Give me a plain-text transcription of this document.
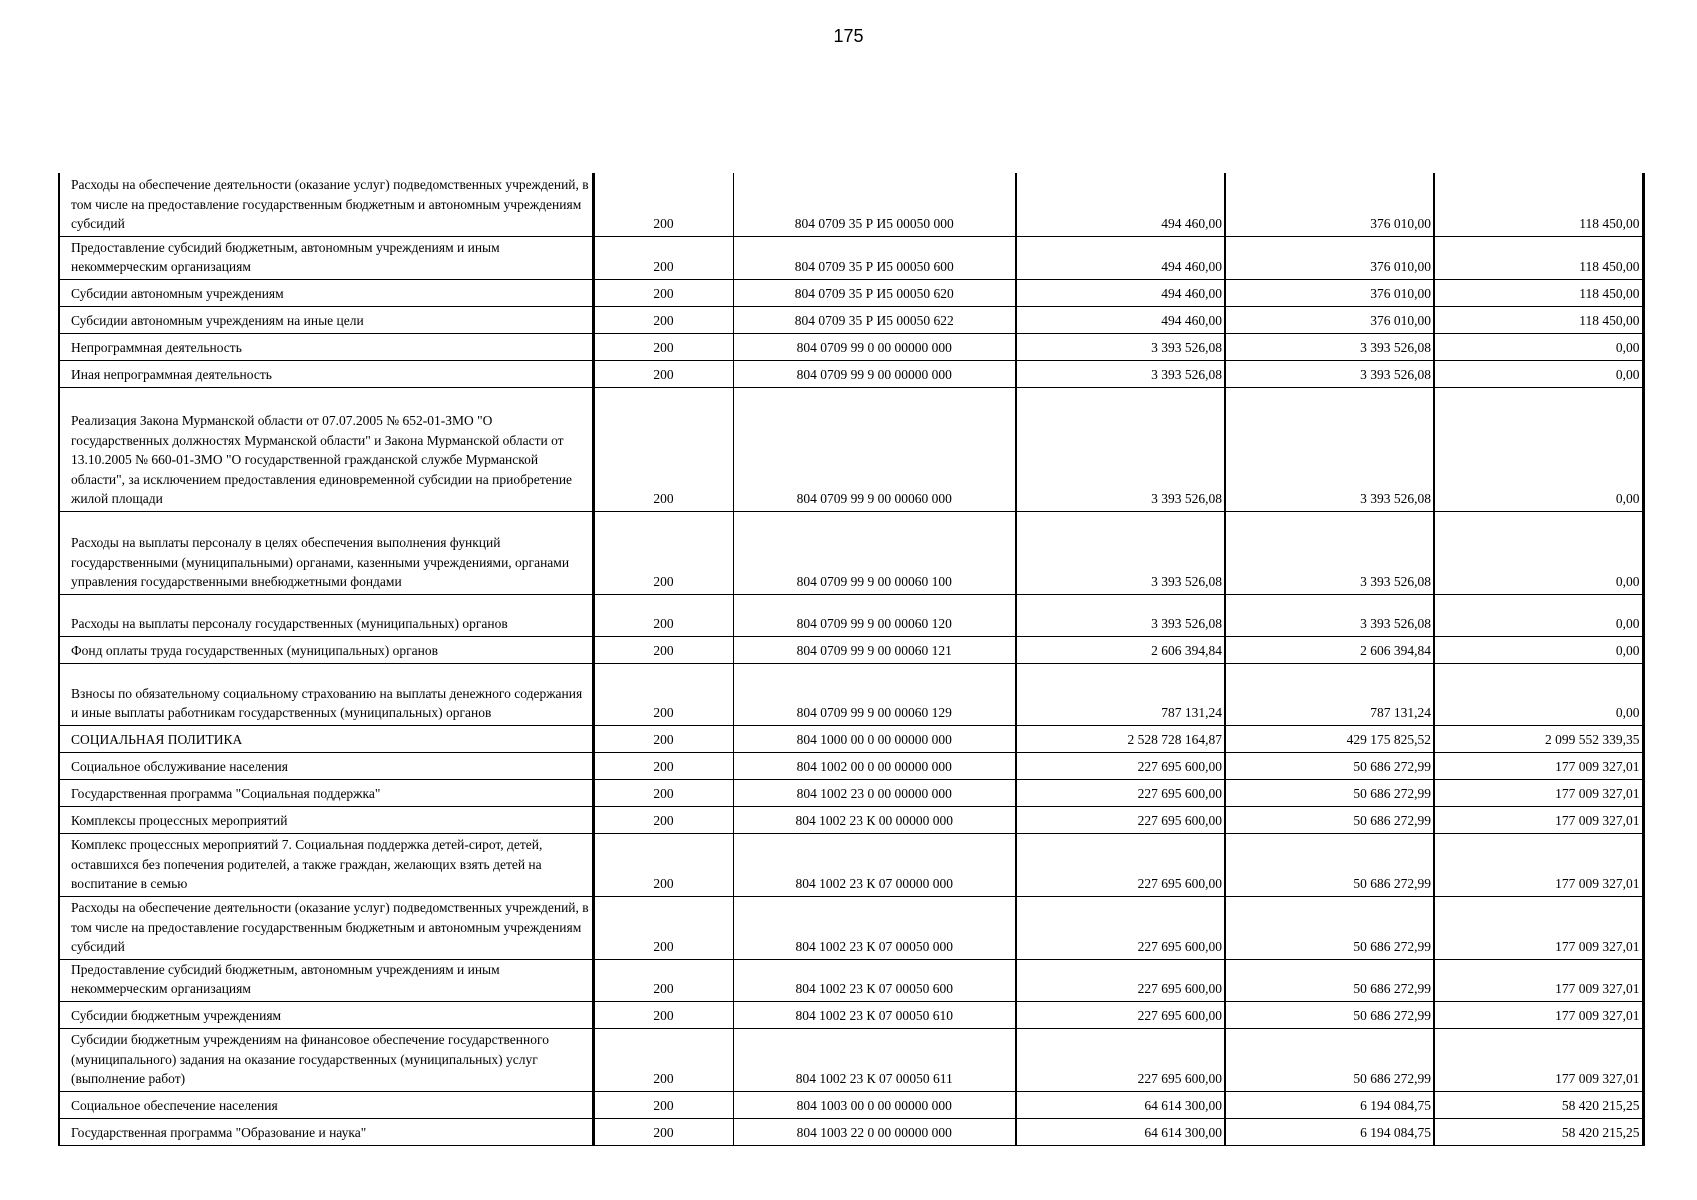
175
Расходы на обеспечение деятельности (оказание услуг) подведомственных учреждений, в том числе на предоставление государственным бюджетным и автономным учреждениям субсидий	200	804 0709 35 Р И5 00050 000	494 460,00	376 010,00	118 450,00
Предоставление субсидий бюджетным, автономным учреждениям и иным некоммерческим организациям	200	804 0709 35 Р И5 00050 600	494 460,00	376 010,00	118 450,00
Субсидии автономным учреждениям	200	804 0709 35 Р И5 00050 620	494 460,00	376 010,00	118 450,00
Субсидии автономным учреждениям на иные цели	200	804 0709 35 Р И5 00050 622	494 460,00	376 010,00	118 450,00
Непрограммная деятельность	200	804 0709 99 0 00 00000 000	3 393 526,08	3 393 526,08	0,00
Иная непрограммная деятельность	200	804 0709 99 9 00 00000 000	3 393 526,08	3 393 526,08	0,00
Реализация Закона Мурманской области от 07.07.2005 № 652-01-ЗМО "О государственных должностях Мурманской области" и Закона Мурманской области от 13.10.2005 № 660-01-ЗМО "О государственной гражданской службе Мурманской области", за исключением предоставления единовременной субсидии на приобретение жилой площади	200	804 0709 99 9 00 00060 000	3 393 526,08	3 393 526,08	0,00
Расходы на выплаты персоналу в целях обеспечения выполнения функций государственными (муниципальными) органами, казенными учреждениями, органами управления государственными внебюджетными фондами	200	804 0709 99 9 00 00060 100	3 393 526,08	3 393 526,08	0,00
Расходы на выплаты персоналу государственных (муниципальных) органов	200	804 0709 99 9 00 00060 120	3 393 526,08	3 393 526,08	0,00
Фонд оплаты труда государственных (муниципальных) органов	200	804 0709 99 9 00 00060 121	2 606 394,84	2 606 394,84	0,00
Взносы по обязательному социальному страхованию на выплаты денежного содержания и иные выплаты работникам государственных (муниципальных) органов	200	804 0709 99 9 00 00060 129	787 131,24	787 131,24	0,00
СОЦИАЛЬНАЯ ПОЛИТИКА	200	804 1000 00 0 00 00000 000	2 528 728 164,87	429 175 825,52	2 099 552 339,35
Социальное обслуживание населения	200	804 1002 00 0 00 00000 000	227 695 600,00	50 686 272,99	177 009 327,01
Государственная программа "Социальная поддержка"	200	804 1002 23 0 00 00000 000	227 695 600,00	50 686 272,99	177 009 327,01
Комплексы процессных мероприятий	200	804 1002 23 К 00 00000 000	227 695 600,00	50 686 272,99	177 009 327,01
Комплекс процессных мероприятий 7. Социальная поддержка детей-сирот, детей, оставшихся без попечения родителей, а также граждан, желающих взять детей на воспитание в семью	200	804 1002 23 К 07 00000 000	227 695 600,00	50 686 272,99	177 009 327,01
Расходы на обеспечение деятельности (оказание услуг) подведомственных учреждений, в том числе на предоставление государственным бюджетным и автономным учреждениям субсидий	200	804 1002 23 К 07 00050 000	227 695 600,00	50 686 272,99	177 009 327,01
Предоставление субсидий бюджетным, автономным учреждениям и иным некоммерческим организациям	200	804 1002 23 К 07 00050 600	227 695 600,00	50 686 272,99	177 009 327,01
Субсидии бюджетным учреждениям	200	804 1002 23 К 07 00050 610	227 695 600,00	50 686 272,99	177 009 327,01
Субсидии бюджетным учреждениям на финансовое обеспечение государственного (муниципального) задания на оказание государственных (муниципальных) услуг (выполнение работ)	200	804 1002 23 К 07 00050 611	227 695 600,00	50 686 272,99	177 009 327,01
Социальное обеспечение населения	200	804 1003 00 0 00 00000 000	64 614 300,00	6 194 084,75	58 420 215,25
Государственная программа "Образование и наука"	200	804 1003 22 0 00 00000 000	64 614 300,00	6 194 084,75	58 420 215,25
